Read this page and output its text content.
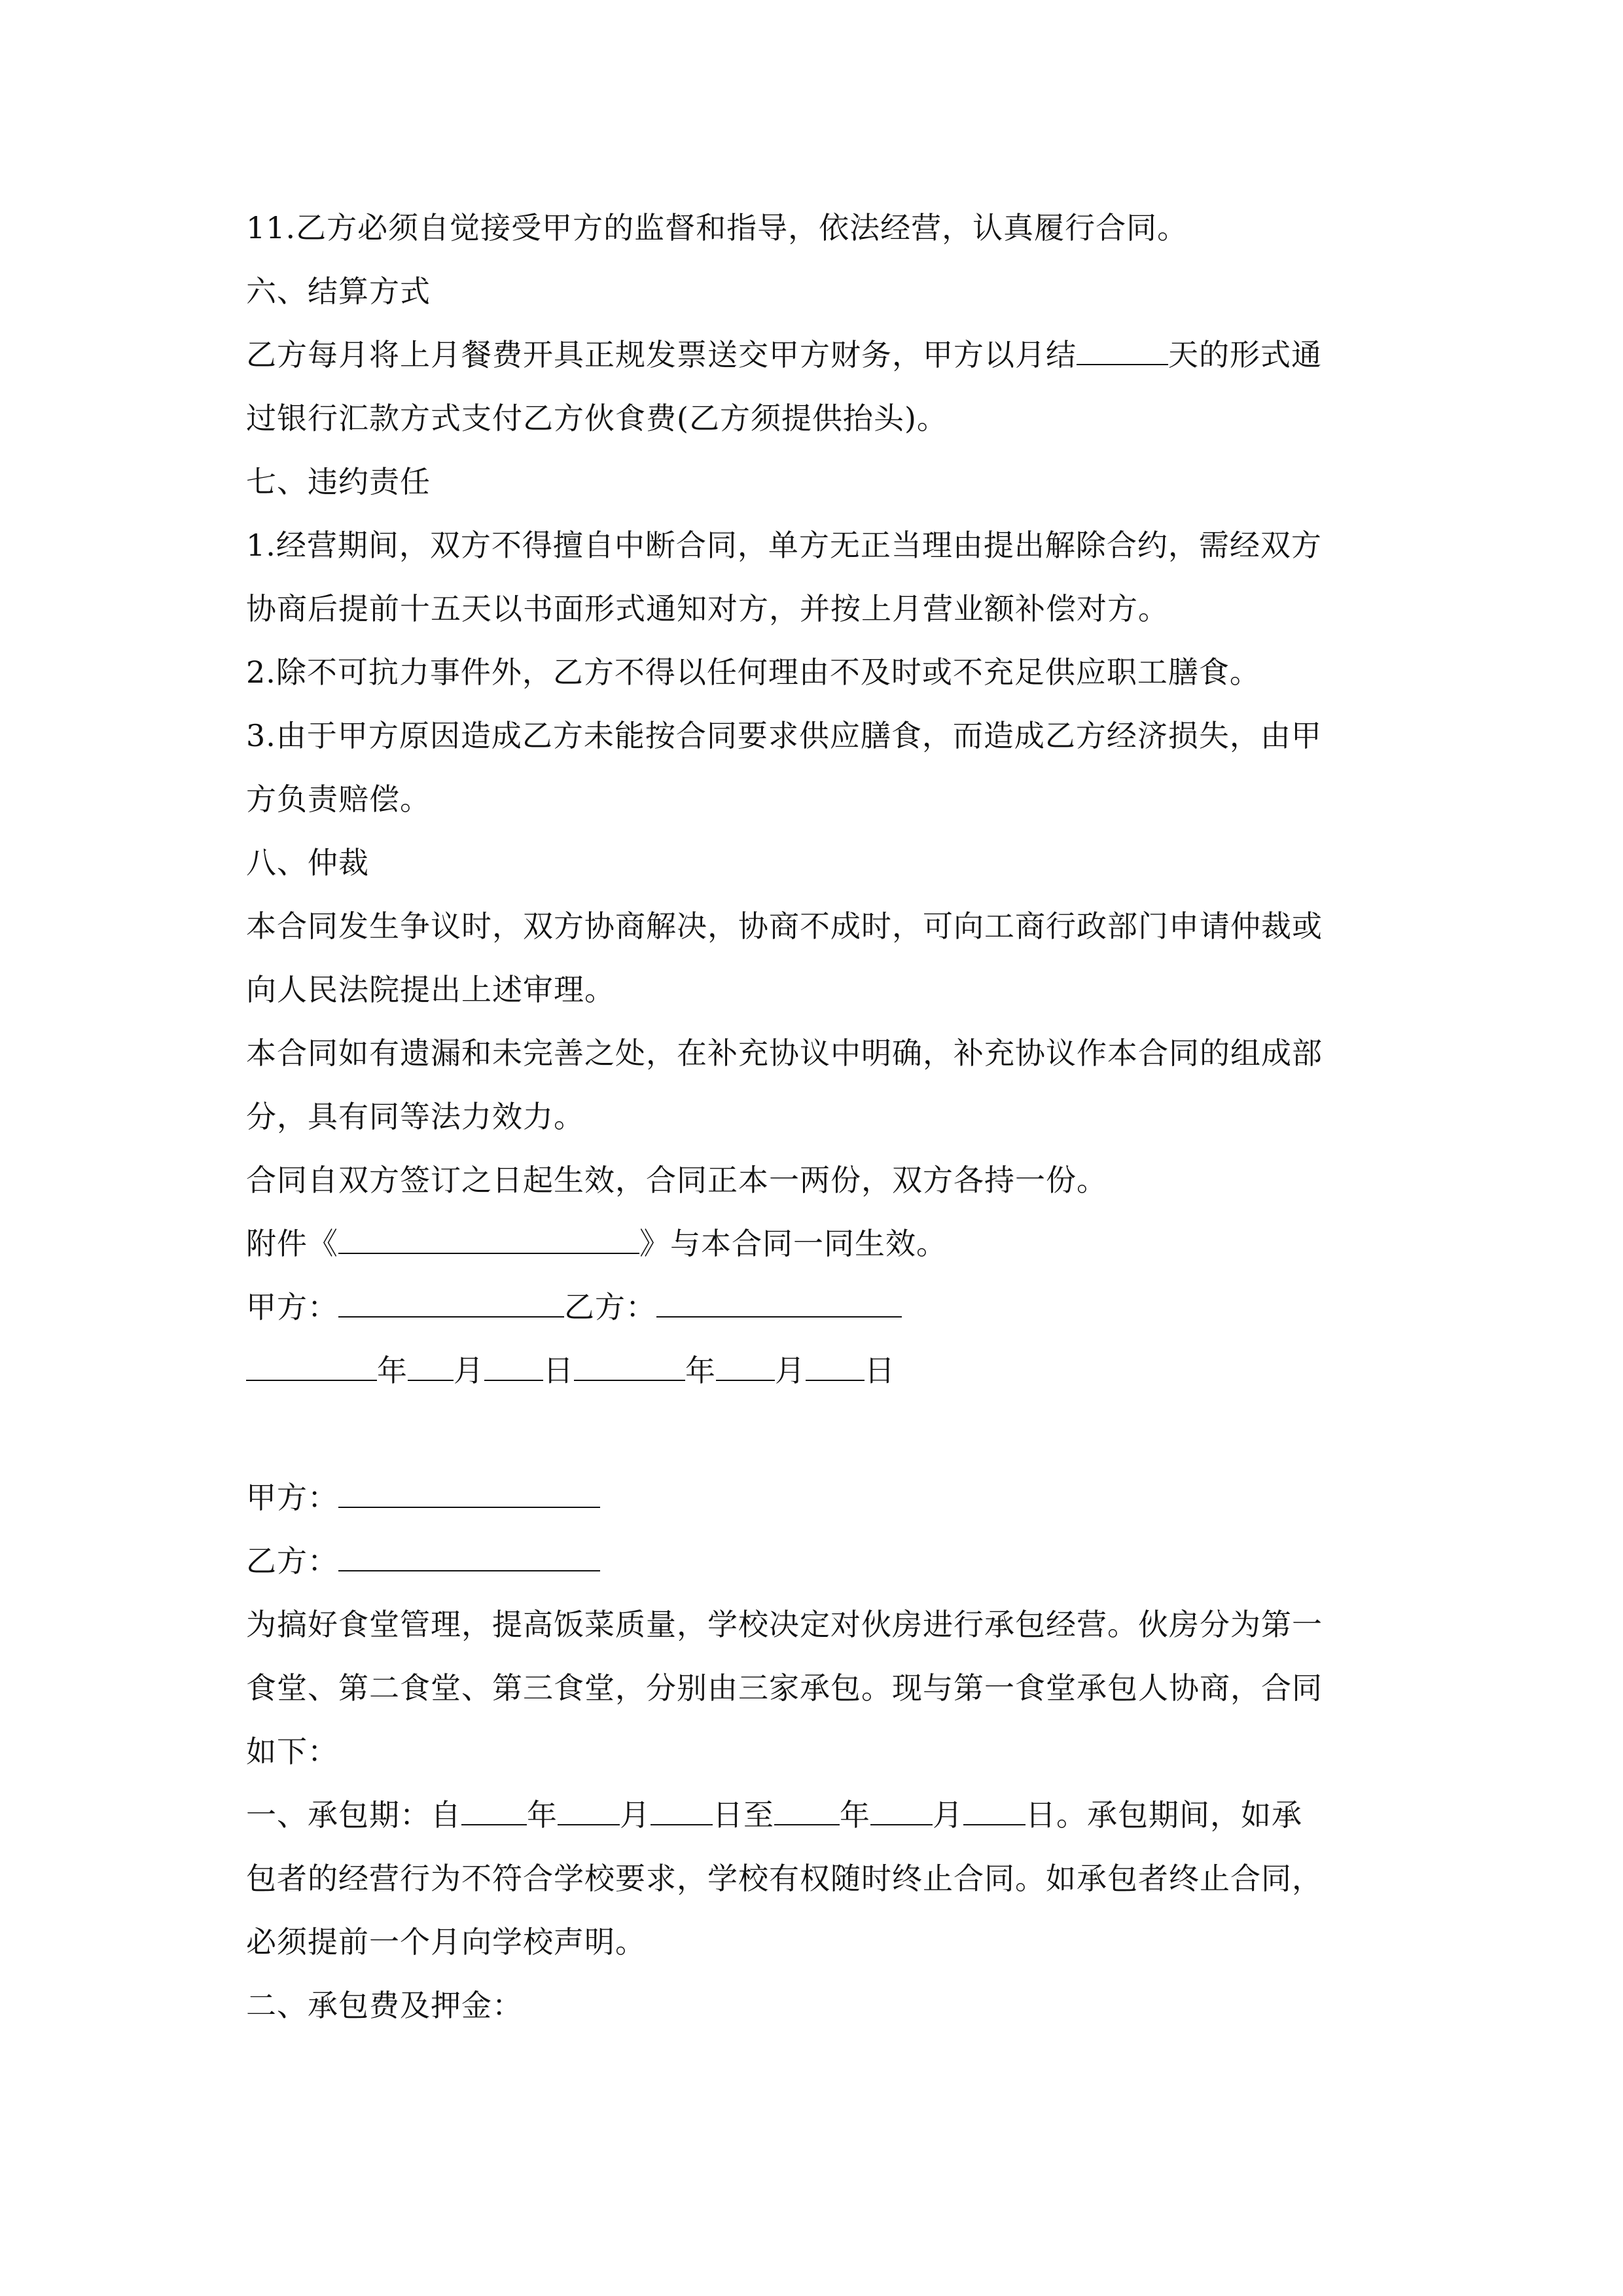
11.乙方必须自觉接受甲方的监督和指导，依法经营，认真履行合同。
六、结算方式
乙方每月将上月餐费开具正规发票送交甲方财务，甲方以月结	天的形式通
过银行汇款方式支付乙方伙食费(乙方须提供抬头)。
七、违约责任
1.经营期间，双方不得擅自中断合同，单方无正当理由提出解除合约，需经双方
协商后提前十五天以书面形式通知对方，并按上月营业额补偿对方。
2.除不可抗力事件外，乙方不得以任何理由不及时或不充足供应职工膳食。
3.由于甲方原因造成乙方未能按合同要求供应膳食，而造成乙方经济损失，由甲
方负责赔偿。
八、仲裁
本合同发生争议时，双方协商解决，协商不成时，可向工商行政部门申请仲裁或
向人民法院提出上述审理。
本合同如有遗漏和未完善之处，在补充协议中明确，补充协议作本合同的组成部
分，具有同等法力效力。
合同自双方签订之日起生效，合同正本一两份，双方各持一份。
附件《	》与本合同一同生效。
甲方：	乙方：
年 月 日	年 月 日
甲方：
乙方：
为搞好食堂管理，提高饭菜质量，学校决定对伙房进行承包经营。伙房分为第一
食堂、第二食堂、第三食堂，分别由三家承包。现与第一食堂承包人协商，合同
如下：
一、承包期：自 年 月 日至 年 月 日。承包期间，如承
包者的经营行为不符合学校要求，学校有权随时终止合同。如承包者终止合同，
必须提前一个月向学校声明。
二、承包费及押金：
